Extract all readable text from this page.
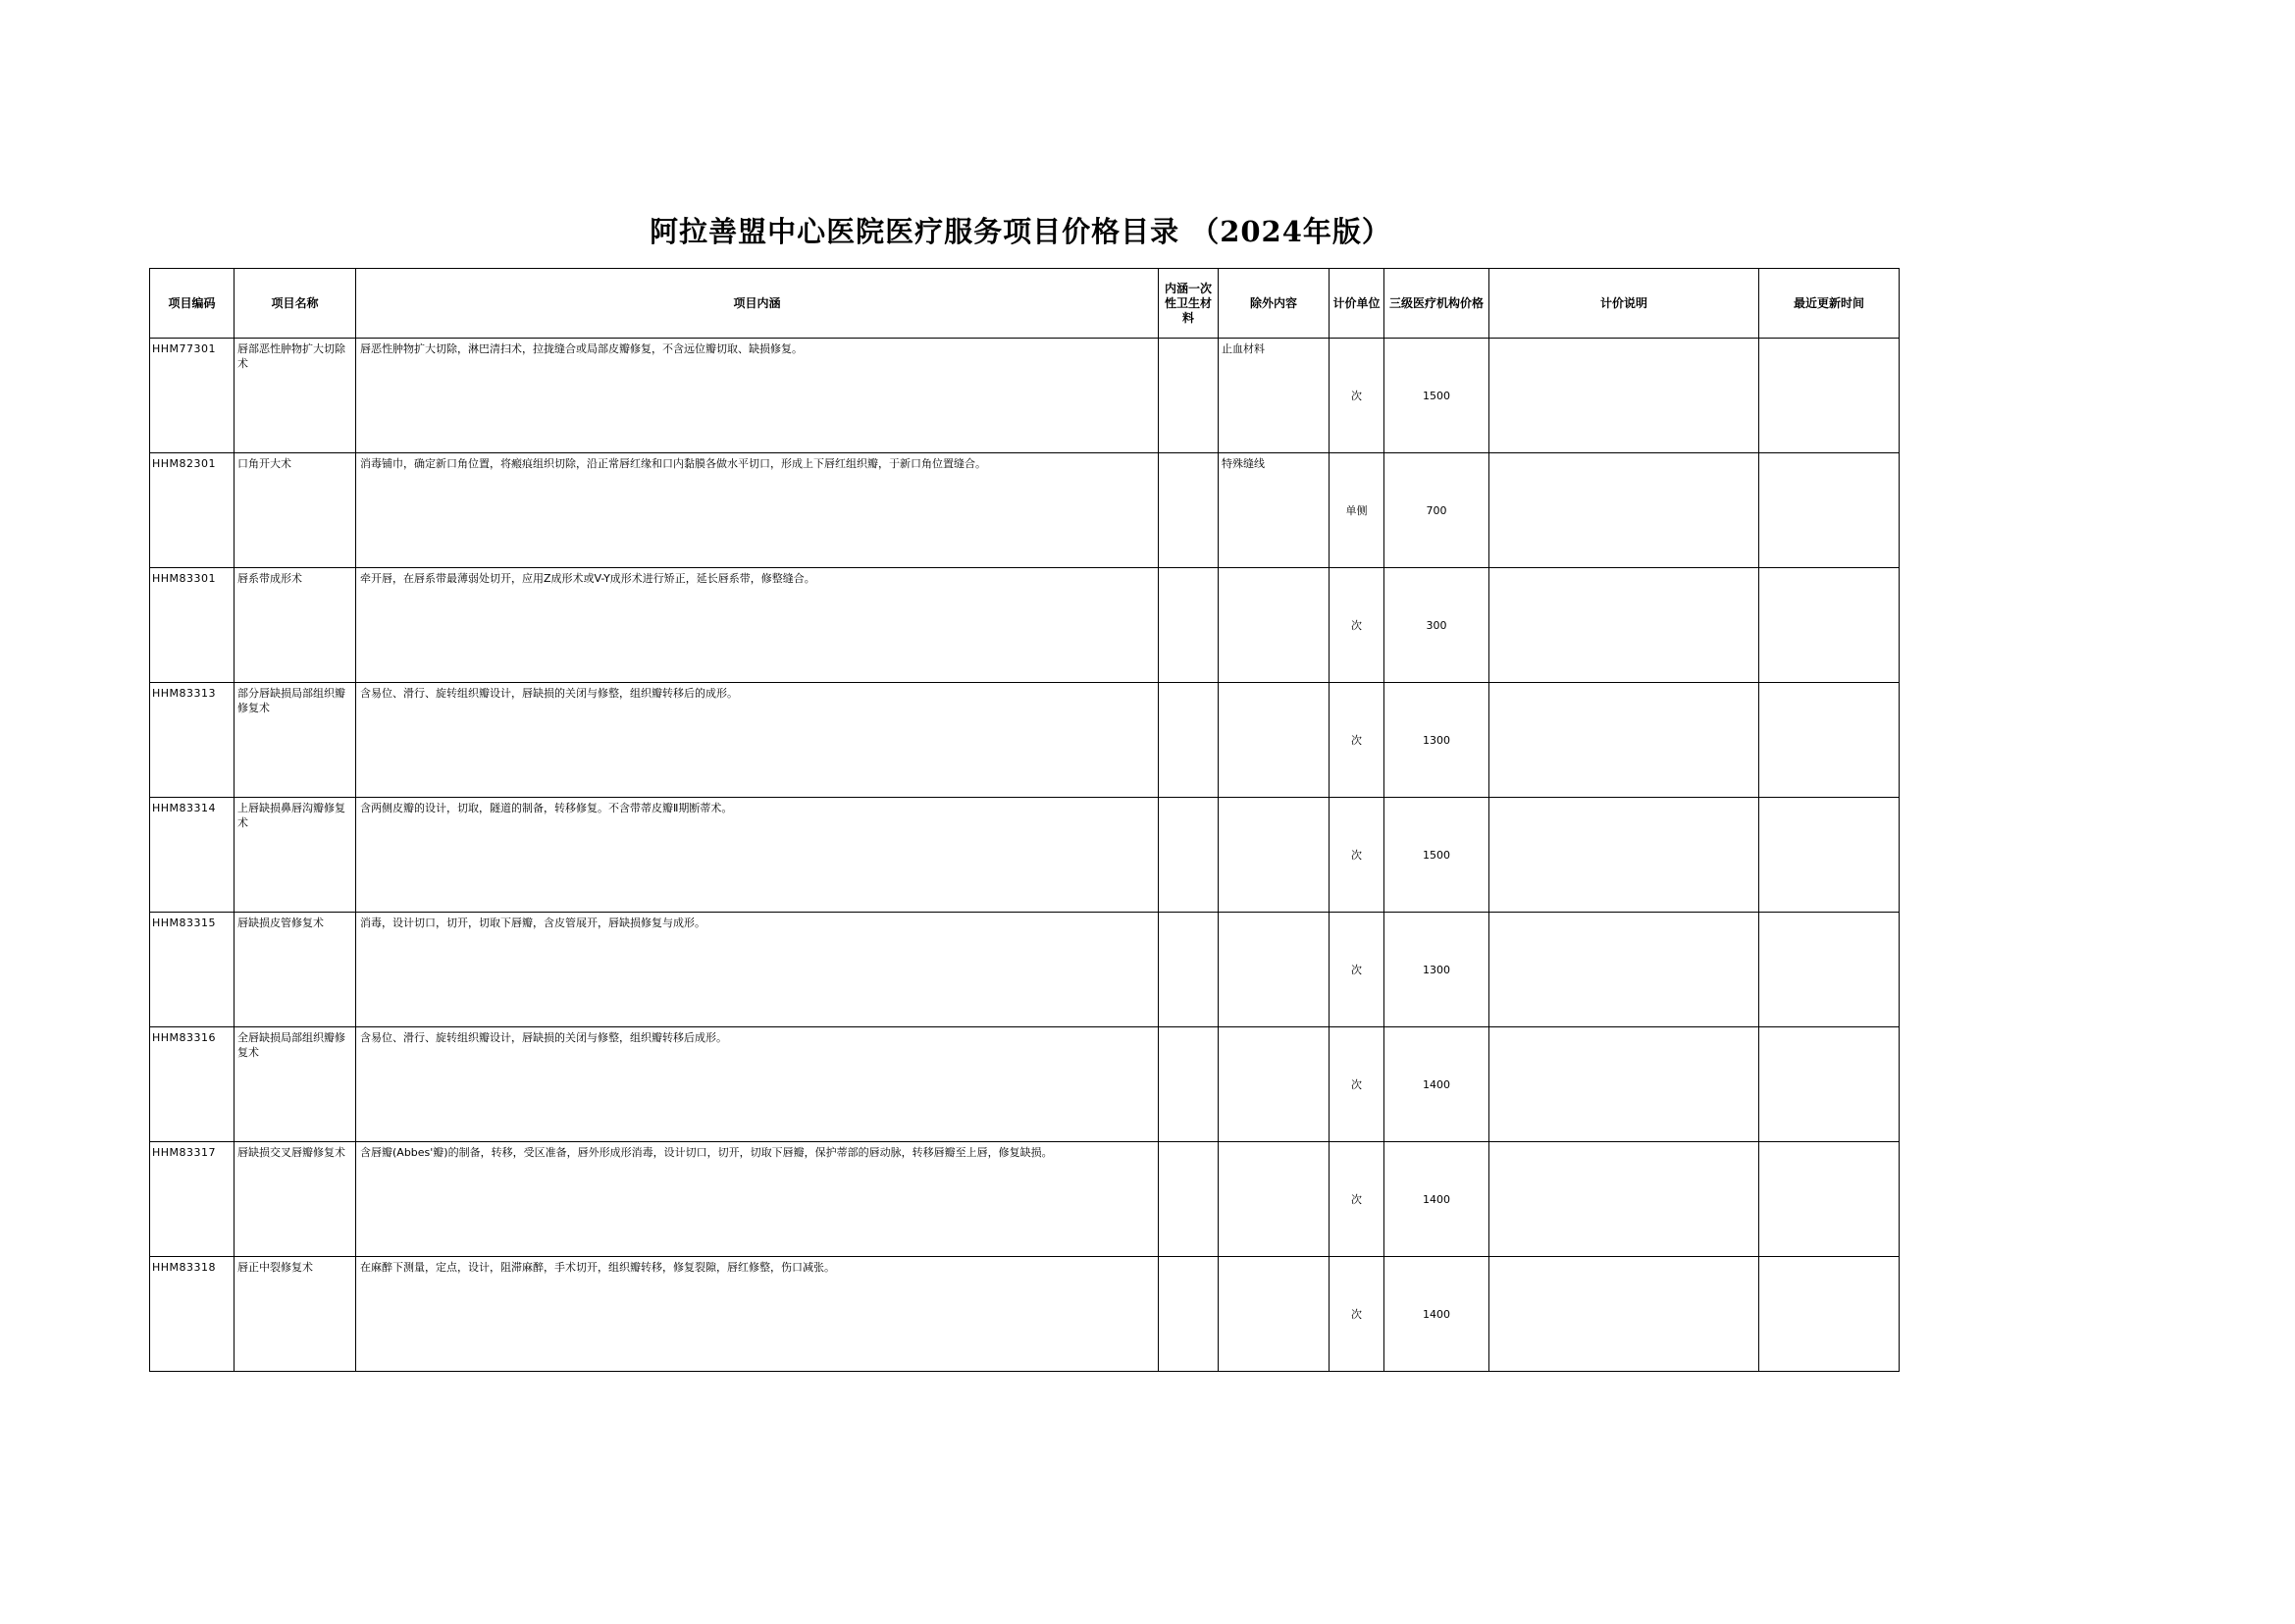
阿拉善盟中心医院医疗服务项目价格目录 （2024年版）
项目编码	项目名称	项目内涵	内涵一次性卫生材料	除外内容	计价单位	三级医疗机构价格	计价说明	最近更新时间
HHM77301	唇部恶性肿物扩大切除术	唇恶性肿物扩大切除，淋巴清扫术，拉拢缝合或局部皮瓣修复，不含远位瓣切取、缺损修复。		止血材料	次	1500		
HHM82301	口角开大术	消毒铺巾，确定新口角位置，将瘢痕组织切除，沿正常唇红缘和口内黏膜各做水平切口，形成上下唇红组织瓣，于新口角位置缝合。		特殊缝线	单侧	700		
HHM83301	唇系带成形术	牵开唇，在唇系带最薄弱处切开，应用Z成形术或V-Y成形术进行矫正，延长唇系带，修整缝合。			次	300		
HHM83313	部分唇缺损局部组织瓣修复术	含易位、滑行、旋转组织瓣设计，唇缺损的关闭与修整，组织瓣转移后的成形。			次	1300		
HHM83314	上唇缺损鼻唇沟瓣修复术	含两侧皮瓣的设计，切取，隧道的制备，转移修复。不含带蒂皮瓣Ⅱ期断蒂术。			次	1500		
HHM83315	唇缺损皮管修复术	消毒，设计切口，切开，切取下唇瓣，含皮管展开，唇缺损修复与成形。			次	1300		
HHM83316	全唇缺损局部组织瓣修复术	含易位、滑行、旋转组织瓣设计，唇缺损的关闭与修整，组织瓣转移后成形。			次	1400		
HHM83317	唇缺损交叉唇瓣修复术	含唇瓣(Abbes'瓣)的制备，转移，受区准备，唇外形成形消毒，设计切口，切开，切取下唇瓣，保护蒂部的唇动脉，转移唇瓣至上唇，修复缺损。			次	1400		
HHM83318	唇正中裂修复术	在麻醉下测量，定点，设计，阻滞麻醉，手术切开，组织瓣转移，修复裂隙，唇红修整，伤口减张。			次	1400		
